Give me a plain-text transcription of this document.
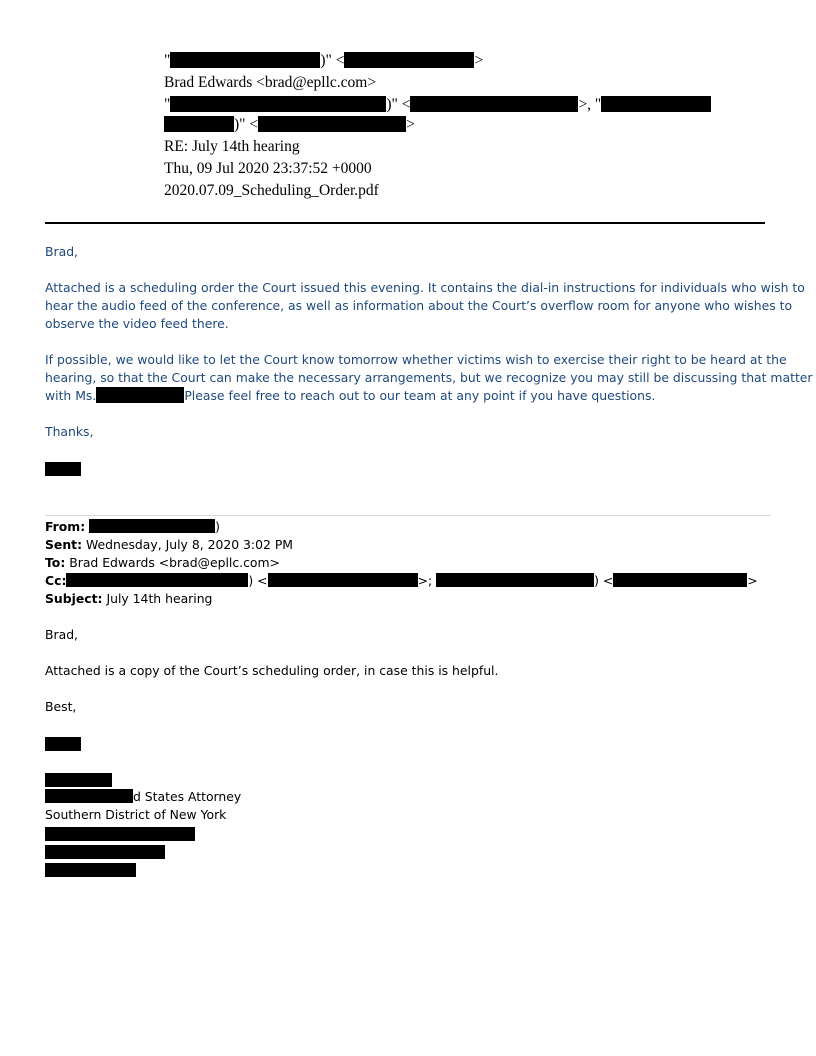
"	)" <	>
Brad Edwards <brad@epllc.com>
"	)" <	>, "
)" <	>
RE: July 14th hearing
Thu, 09 Jul 2020 23:37:52 +0000
2020.07.09_Scheduling_Order.pdf
Brad,
Attached is a scheduling order the Court issued this evening. It contains the dial-in instructions for individuals who wish to
hear the audio feed of the conference, as well as information about the Court’s overflow room for anyone who wishes to
observe the video feed there.
If possible, we would like to let the Court know tomorrow whether victims wish to exercise their right to be heard at the
hearing, so that the Court can make the necessary arrangements, but we recognize you may still be discussing that matter
with Ms.	Please feel free to reach out to our team at any point if you have questions.
Thanks,
From:	)
Sent: Wednesday, July 8, 2020 3:02 PM
To: Brad Edwards <brad@epllc.com>
Cc:	) <	>;	) <	>
Subject: July 14th hearing
Brad,
Attached is a copy of the Court’s scheduling order, in case this is helpful.
Best,
d States Attorney
Southern District of New York
